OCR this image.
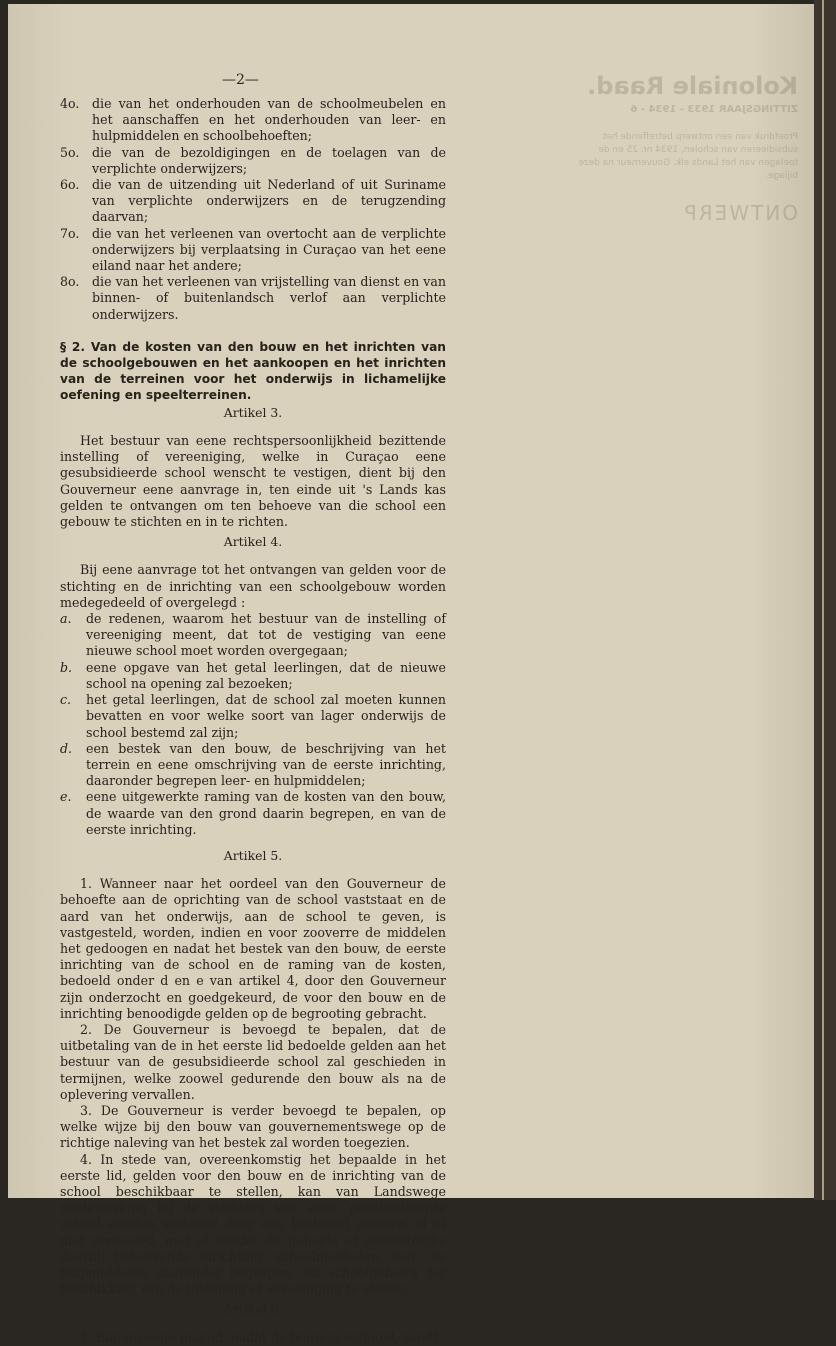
Koloniale Raad.
ZITTINGSJAAR 1933 - 1934 - 6
Proefdruk van een ontwerp betreffende het subsidieeren van scholen, 1934 nr. 25 en de toelagen van het Lands elk. Gouverneur na deze bijlage.
ONTWERP
—2—
4o.	die van het onderhouden van de schoolmeubelen en het aanschaffen en het onderhouden van leer- en hulpmiddelen en schoolbehoeften;
5o.	die van de bezoldigingen en de toelagen van de verplichte onderwijzers;
6o.	die van de uitzending uit Nederland of uit Suriname van verplichte onderwijzers en de terugzending daarvan;
7o.	die van het verleenen van overtocht aan de verplichte onderwijzers bij verplaatsing in Curaçao van het eene eiland naar het andere;
8o.	die van het verleenen van vrijstelling van dienst en van binnen- of buitenlandsch verlof aan verplichte onderwijzers.
§ 2. Van de kosten van den bouw en het inrichten van de schoolgebouwen en het aankoopen en het inrichten van de terreinen voor het onderwijs in lichamelijke oefening en speelterreinen.
Artikel 3.
Het bestuur van eene rechtspersoonlijkheid bezittende instelling of vereeniging, welke in Curaçao eene gesubsidieerde school wenscht te vestigen, dient bij den Gouverneur eene aanvrage in, ten einde uit 's Lands kas gelden te ontvangen om ten behoeve van die school een gebouw te stichten en in te richten.
Artikel 4.
Bij eene aanvrage tot het ontvangen van gelden voor de stichting en de inrichting van een schoolgebouw worden medegedeeld of overgelegd :
a.	de redenen, waarom het bestuur van de instelling of vereeniging meent, dat tot de vestiging van eene nieuwe school moet worden overgegaan;
b.	eene opgave van het getal leerlingen, dat de nieuwe school na opening zal bezoeken;
c.	het getal leerlingen, dat de school zal moeten kunnen bevatten en voor welke soort van lager onderwijs de school bestemd zal zijn;
d.	een bestek van den bouw, de beschrijving van het terrein en eene omschrijving van de eerste inrichting, daaronder begrepen leer- en hulpmiddelen;
e.	eene uitgewerkte raming van de kosten van den bouw, de waarde van den grond daarin begrepen, en van de eerste inrichting.
Artikel 5.
1. Wanneer naar het oordeel van den Gouverneur de behoefte aan de oprichting van de school vaststaat en de aard van het onderwijs, aan de school te geven, is vastgesteld, worden, indien en voor zooverre de middelen het gedoogen en nadat het bestek van den bouw, de eerste inrichting van de school en de raming van de kosten, bedoeld onder d en e van artikel 4, door den Gouverneur zijn onderzocht en goedgekeurd, de voor den bouw en de inrichting benoodigde gelden op de begrooting gebracht.
2. De Gouverneur is bevoegd te bepalen, dat de uitbetaling van de in het eerste lid bedoelde gelden aan het bestuur van de gesubsidieerde school zal geschieden in termijnen, welke zoowel gedurende den bouw als na de oplevering vervallen.
3. De Gouverneur is verder bevoegd te bepalen, op welke wijze bij den bouw van gouvernementswege op de richtige naleving van het bestek zal worden toegezien.
4. In stede van, overeenkomstig het bepaalde in het eerste lid, gelden voor den bouw en de inrichting van de school beschikbaar te stellen, kan van Landswege medewerking bij de stichting van eene gesubsidieerde school worden verleend door een bestaand gebouw, al of niet verbouwd, met of zonder de geheele of gedeeltelijke daarbij behoorende inrichting, schoolmeubelen, leer- en hulpmiddelen daaronder begrepen, als schoolgebouw ter beschikking van de instelling of vereeniging te stellen.
Artikel 6.
1. Binnen eene maand, nadat de bouw is voltooid, zendt
